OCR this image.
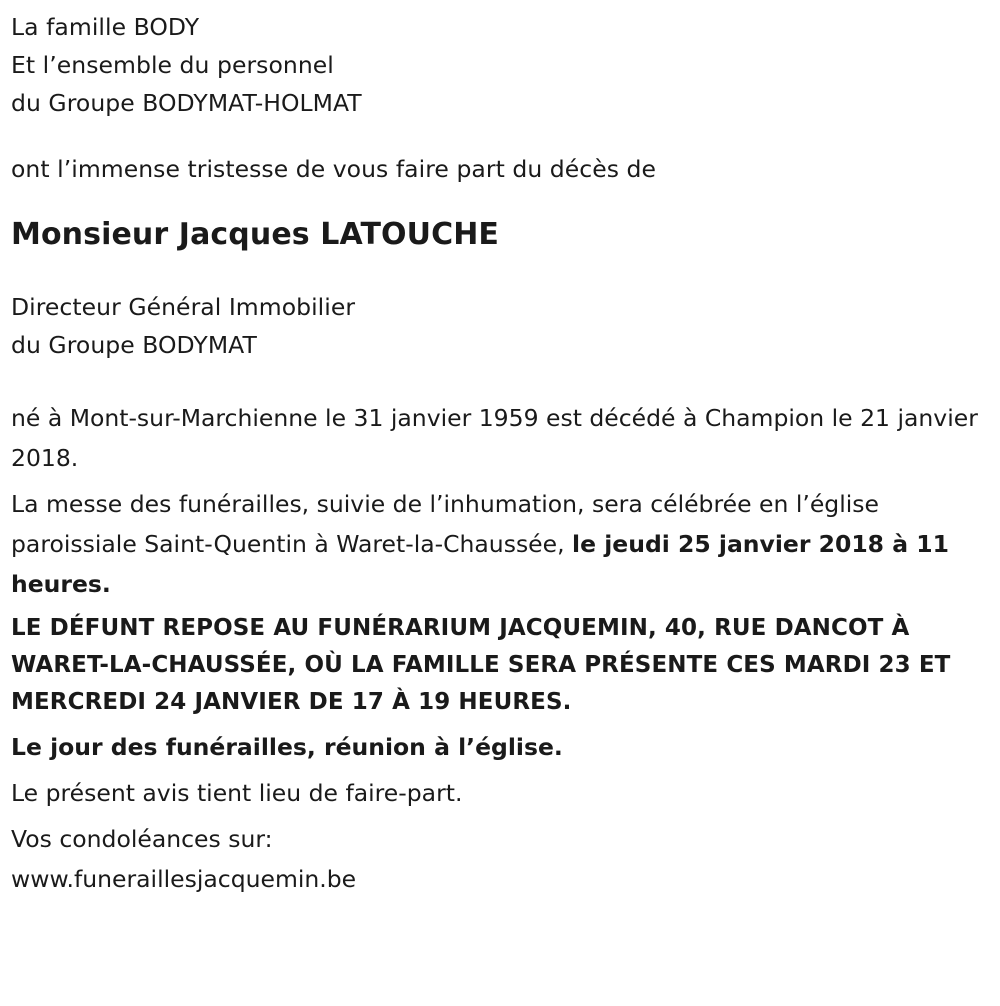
La famille BODY
Et l’ensemble du personnel
du Groupe BODYMAT-HOLMAT
ont l’immense tristesse de vous faire part du décès de
Monsieur Jacques LATOUCHE
Directeur Général Immobilier
du Groupe BODYMAT

né à Mont-sur-Marchienne le 31 janvier 1959 est décédé à Champion le 21 janvier 2018.

La messe des funérailles, suivie de l’inhumation, sera célébrée en l’église paroissiale Saint-Quentin à Waret-la-Chaussée, le jeudi 25 janvier 2018 à 11 heures.

LE DÉFUNT REPOSE AU FUNÉRARIUM JACQUEMIN, 40, RUE DANCOT À WARET-LA-CHAUSSÉE, OÙ LA FAMILLE SERA PRÉSENTE CES MARDI 23 ET MERCREDI 24 JANVIER DE 17 À 19 HEURES.

Le jour des funérailles, réunion à l’église.

Le présent avis tient lieu de faire-part.

Vos condoléances sur:

www.funeraillesjacquemin.be
